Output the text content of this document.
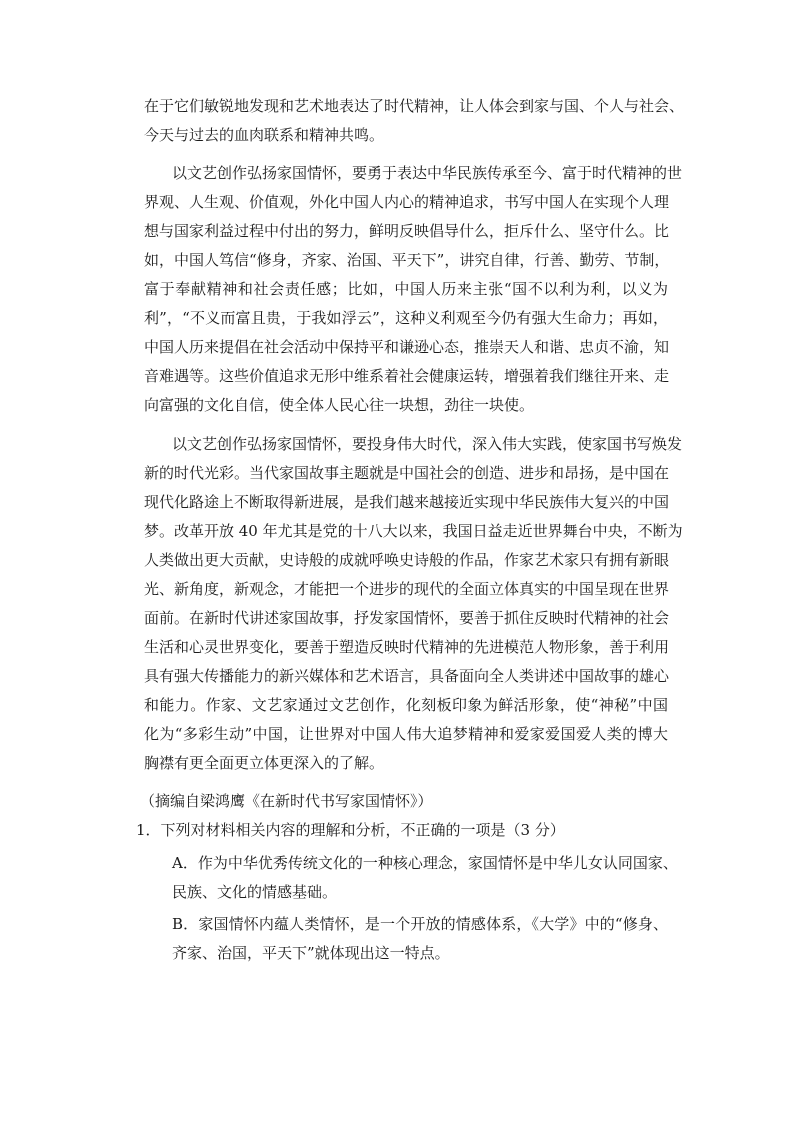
在于它们敏锐地发现和艺术地表达了时代精神，让人体会到家与国、个人与社会、
今天与过去的血肉联系和精神共鸣。
以文艺创作弘扬家国情怀，要勇于表达中华民族传承至今、富于时代精神的世
界观、人生观、价值观，外化中国人内心的精神追求，书写中国人在实现个人理
想与国家利益过程中付出的努力，鲜明反映倡导什么，拒斥什么、坚守什么。比
如，中国人笃信“修身，齐家、治国、平天下”，讲究自律，行善、勤劳、节制，
富于奉献精神和社会责任感；比如，中国人历来主张“国不以利为利，以义为
利”，“不义而富且贵，于我如浮云”，这种义利观至今仍有强大生命力；再如，
中国人历来提倡在社会活动中保持平和谦逊心态，推崇天人和谐、忠贞不渝，知
音难遇等。这些价值追求无形中维系着社会健康运转，增强着我们继往开来、走
向富强的文化自信，使全体人民心往一块想，劲往一块使。
以文艺创作弘扬家国情怀，要投身伟大时代，深入伟大实践，使家国书写焕发
新的时代光彩。当代家国故事主题就是中国社会的创造、进步和昂扬，是中国在
现代化路途上不断取得新进展，是我们越来越接近实现中华民族伟大复兴的中国
梦。改革开放 40 年尤其是党的十八大以来，我国日益走近世界舞台中央，不断为
人类做出更大贡献，史诗般的成就呼唤史诗般的作品，作家艺术家只有拥有新眼
光、新角度，新观念，才能把一个进步的现代的全面立体真实的中国呈现在世界
面前。在新时代讲述家国故事，抒发家国情怀，要善于抓住反映时代精神的社会
生活和心灵世界变化，要善于塑造反映时代精神的先进模范人物形象，善于利用
具有强大传播能力的新兴媒体和艺术语言，具备面向全人类讲述中国故事的雄心
和能力。作家、文艺家通过文艺创作，化刻板印象为鲜活形象，使“神秘”中国
化为“多彩生动”中国，让世界对中国人伟大追梦精神和爱家爱国爱人类的博大
胸襟有更全面更立体更深入的了解。
（摘编自梁鸿鹰《在新时代书写家国情怀》）
1．下列对材料相关内容的理解和分析，不正确的一项是（3 分）
A．作为中华优秀传统文化的一种核心理念，家国情怀是中华儿女认同国家、
民族、文化的情感基础。
B．家国情怀内蕴人类情怀，是一个开放的情感体系，《大学》中的“修身、
齐家、治国，平天下”就体现出这一特点。
